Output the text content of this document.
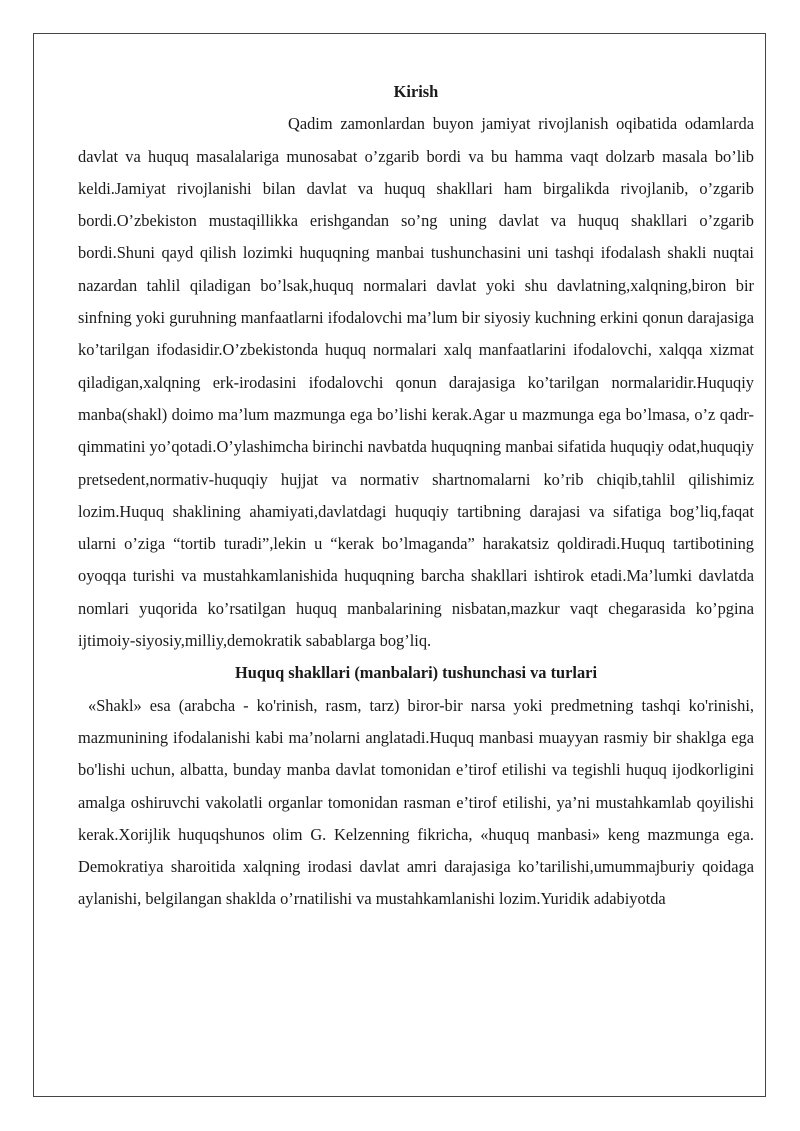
Kirish

Qadim zamonlardan buyon jamiyat rivojlanish oqibatida odamlarda davlat va huquq masalalariga munosabat o’zgarib bordi va bu hamma vaqt dolzarb masala bo’lib keldi.Jamiyat rivojlanishi bilan davlat va huquq shakllari ham birgalikda rivojlanib, o’zgarib bordi.O’zbekiston mustaqillikka erishgandan so’ng uning davlat va huquq shakllari o’zgarib bordi.Shuni qayd qilish lozimki huquqning manbai tushunchasini uni tashqi ifodalash shakli nuqtai nazardan tahlil qiladigan bo’lsak,huquq normalari davlat yoki shu davlatning,xalqning,biron bir sinfning yoki guruhning manfaatlarni ifodalovchi ma’lum bir siyosiy kuchning erkini qonun darajasiga ko’tarilgan ifodasidir.O’zbekistonda huquq normalari xalq manfaatlarini ifodalovchi, xalqqa xizmat qiladigan,xalqning erk-irodasini ifodalovchi qonun darajasiga ko’tarilgan normalaridir.Huquqiy manba(shakl) doimo ma’lum mazmunga ega bo’lishi kerak.Agar u mazmunga ega bo’lmasa, o’z qadr-qimmatini yo’qotadi.O’ylashimcha birinchi navbatda huquqning manbai sifatida huquqiy odat,huquqiy pretsedent,normativ-huquqiy hujjat va normativ shartnomalarni ko’rib chiqib,tahlil qilishimiz lozim.Huquq shaklining ahamiyati,davlatdagi huquqiy tartibning darajasi va sifatiga bog’liq,faqat ularni o’ziga “tortib turadi”,lekin u “kerak bo’lmaganda” harakatsiz qoldiradi.Huquq tartibotining oyoqqa turishi va mustahkamlanishida huquqning barcha shakllari ishtirok etadi.Ma’lumki davlatda nomlari yuqorida ko’rsatilgan huquq manbalarining nisbatan,mazkur vaqt chegarasida ko’pgina ijtimoiy-siyosiy,milliy,demokratik sabablarga bog’liq.

Huquq shakllari (manbalari) tushunchasi va turlari

«Shakl» esa (arabcha - ko'rinish, rasm, tarz) biror-bir narsa yoki predmetning tashqi ko'rinishi, mazmunining ifodalanishi kabi ma’nolarni anglatadi.Huquq manbasi muayyan rasmiy bir shaklga ega bo'lishi uchun, albatta, bunday manba davlat tomonidan e’tirof etilishi va tegishli huquq ijodkorligini amalga oshiruvchi vakolatli organlar tomonidan rasman e’tirof etilishi, ya’ni mustahkamlab qoyilishi kerak.Xorijlik huquqshunos olim G. Kelzenning fikricha, «huquq manbasi» keng mazmunga ega. Demokratiya sharoitida xalqning irodasi davlat amri darajasiga ko’tarilishi,umummajburiy qoidaga aylanishi, belgilangan shaklda o’rnatilishi va mustahkamlanishi lozim.Yuridik adabiyotda
